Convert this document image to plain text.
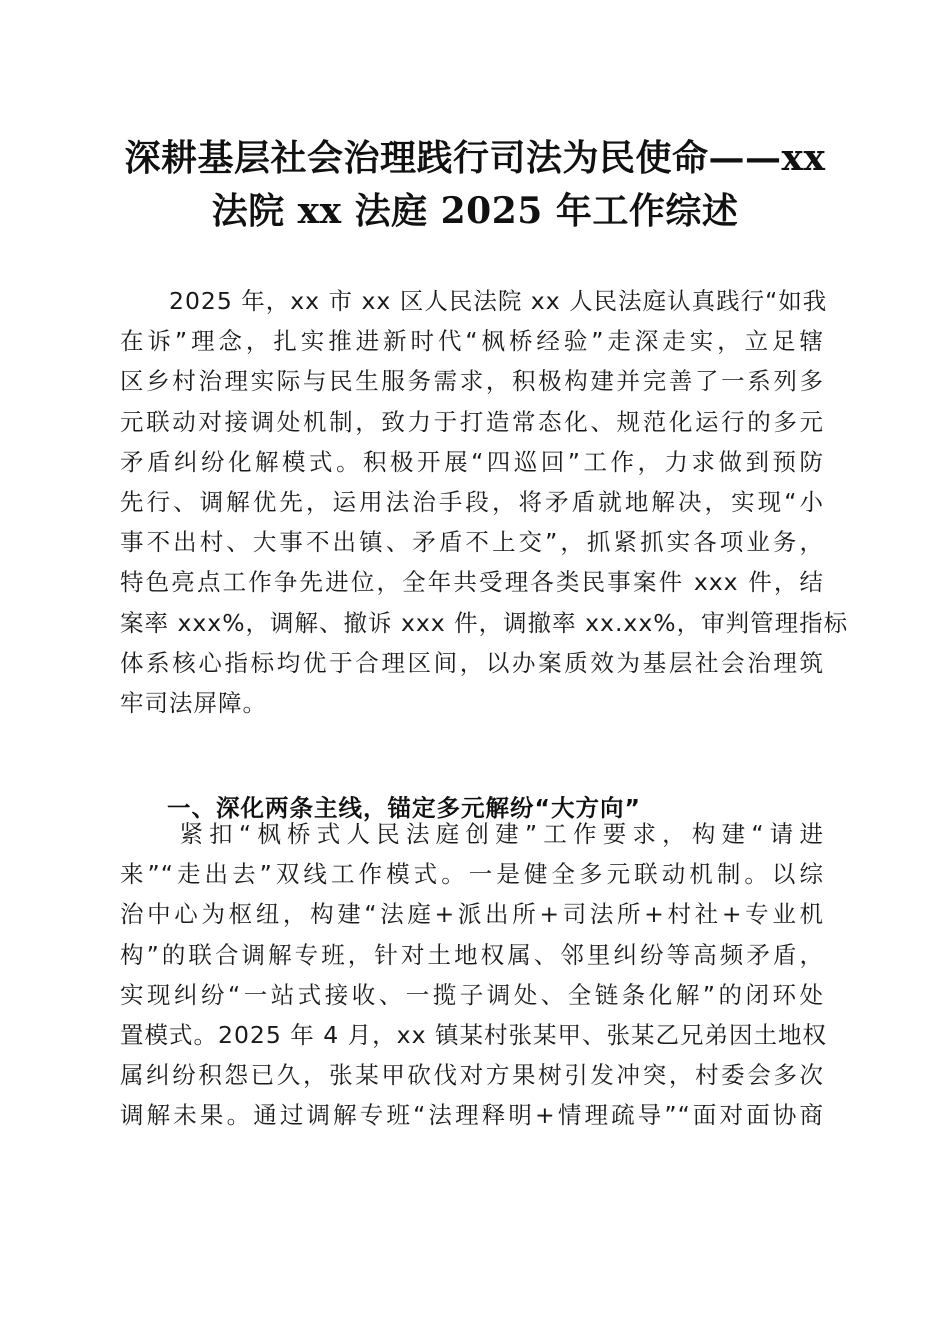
深耕基层社会治理践行司法为民使命——xx
法院 xx 法庭 2025 年工作综述
　　2025 年，xx 市 xx 区人民法院 xx 人民法庭认真践行“如我
在诉”理念，扎实推进新时代“枫桥经验”走深走实，立足辖
区乡村治理实际与民生服务需求，积极构建并完善了一系列多
元联动对接调处机制，致力于打造常态化、规范化运行的多元
矛盾纠纷化解模式。积极开展“四巡回”工作，力求做到预防
先行、调解优先，运用法治手段，将矛盾就地解决，实现“小
事不出村、大事不出镇、矛盾不上交”，抓紧抓实各项业务，
特色亮点工作争先进位，全年共受理各类民事案件 xxx 件，结
案率 xxx%，调解、撤诉 xxx 件，调撤率 xx.xx%，审判管理指标
体系核心指标均优于合理区间，以办案质效为基层社会治理筑
牢司法屏障。
一、深化两条主线，锚定多元解纷“大方向”
　　紧扣“枫桥式人民法庭创建”工作要求，构建“请进
来”“走出去”双线工作模式。一是健全多元联动机制。以综
治中心为枢纽，构建“法庭+派出所+司法所+村社+专业机
构”的联合调解专班，针对土地权属、邻里纠纷等高频矛盾，
实现纠纷“一站式接收、一揽子调处、全链条化解”的闭环处
置模式。2025 年 4 月，xx 镇某村张某甲、张某乙兄弟因土地权
属纠纷积怨已久，张某甲砍伐对方果树引发冲突，村委会多次
调解未果。通过调解专班“法理释明+情理疏导”“面对面协商
